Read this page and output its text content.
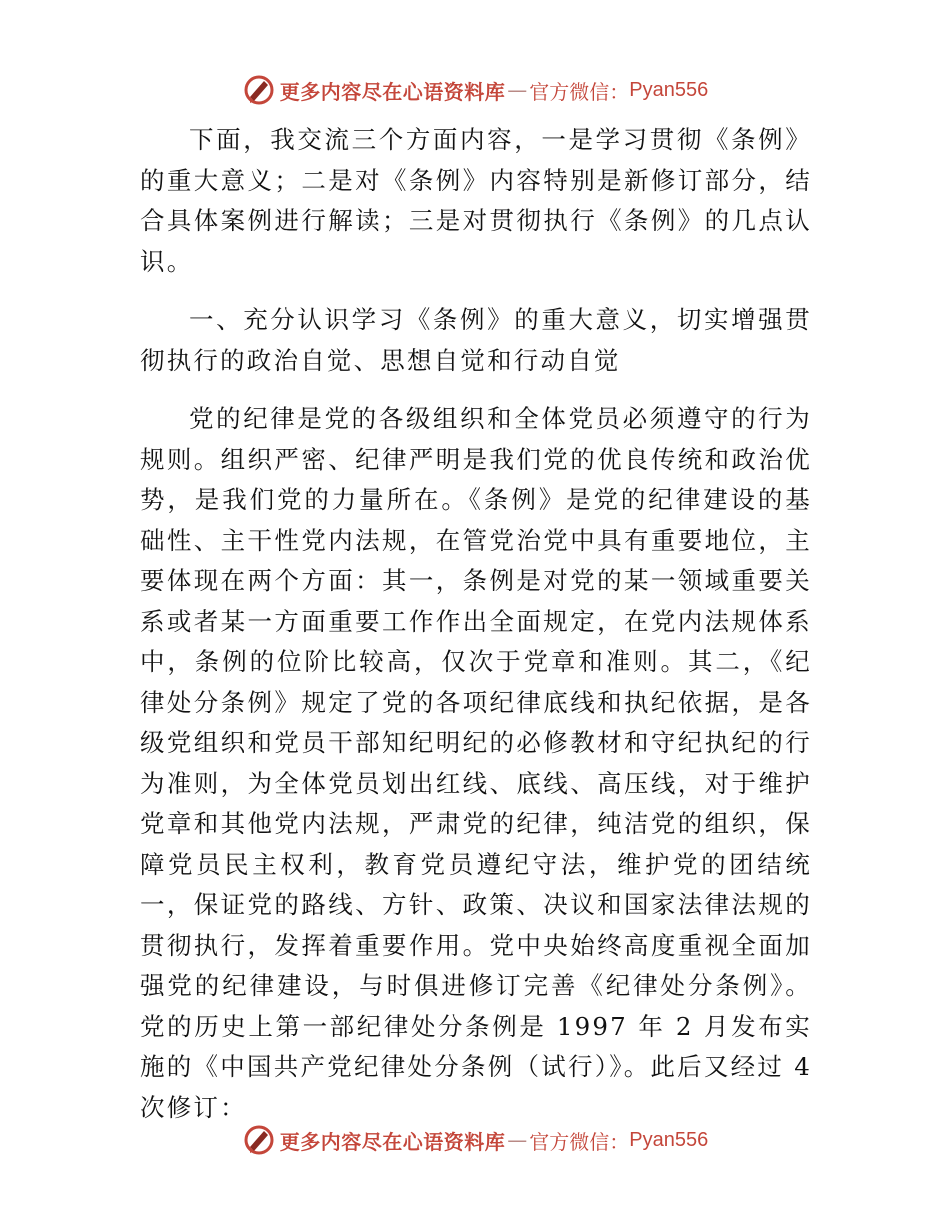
更多内容尽在心语资料库 — 官方微信： Pyan556

下面，我交流三个方面内容，一是学习贯彻《条例》的重大意义；二是对《条例》内容特别是新修订部分，结合具体案例进行解读；三是对贯彻执行《条例》的几点认识。

一、充分认识学习《条例》的重大意义，切实增强贯彻执行的政治自觉、思想自觉和行动自觉

党的纪律是党的各级组织和全体党员必须遵守的行为规则。组织严密、纪律严明是我们党的优良传统和政治优势，是我们党的力量所在。《条例》是党的纪律建设的基础性、主干性党内法规，在管党治党中具有重要地位，主要体现在两个方面：其一，条例是对党的某一领域重要关系或者某一方面重要工作作出全面规定，在党内法规体系中，条例的位阶比较高，仅次于党章和准则。其二，《纪律处分条例》规定了党的各项纪律底线和执纪依据，是各级党组织和党员干部知纪明纪的必修教材和守纪执纪的行为准则，为全体党员划出红线、底线、高压线，对于维护党章和其他党内法规，严肃党的纪律，纯洁党的组织，保障党员民主权利，教育党员遵纪守法，维护党的团结统一，保证党的路线、方针、政策、决议和国家法律法规的贯彻执行，发挥着重要作用。党中央始终高度重视全面加强党的纪律建设，与时俱进修订完善《纪律处分条例》。党的历史上第一部纪律处分条例是 1997 年 2 月发布实施的《中国共产党纪律处分条例（试行）》。此后又经过 4 次修订：

更多内容尽在心语资料库 — 官方微信： Pyan556
